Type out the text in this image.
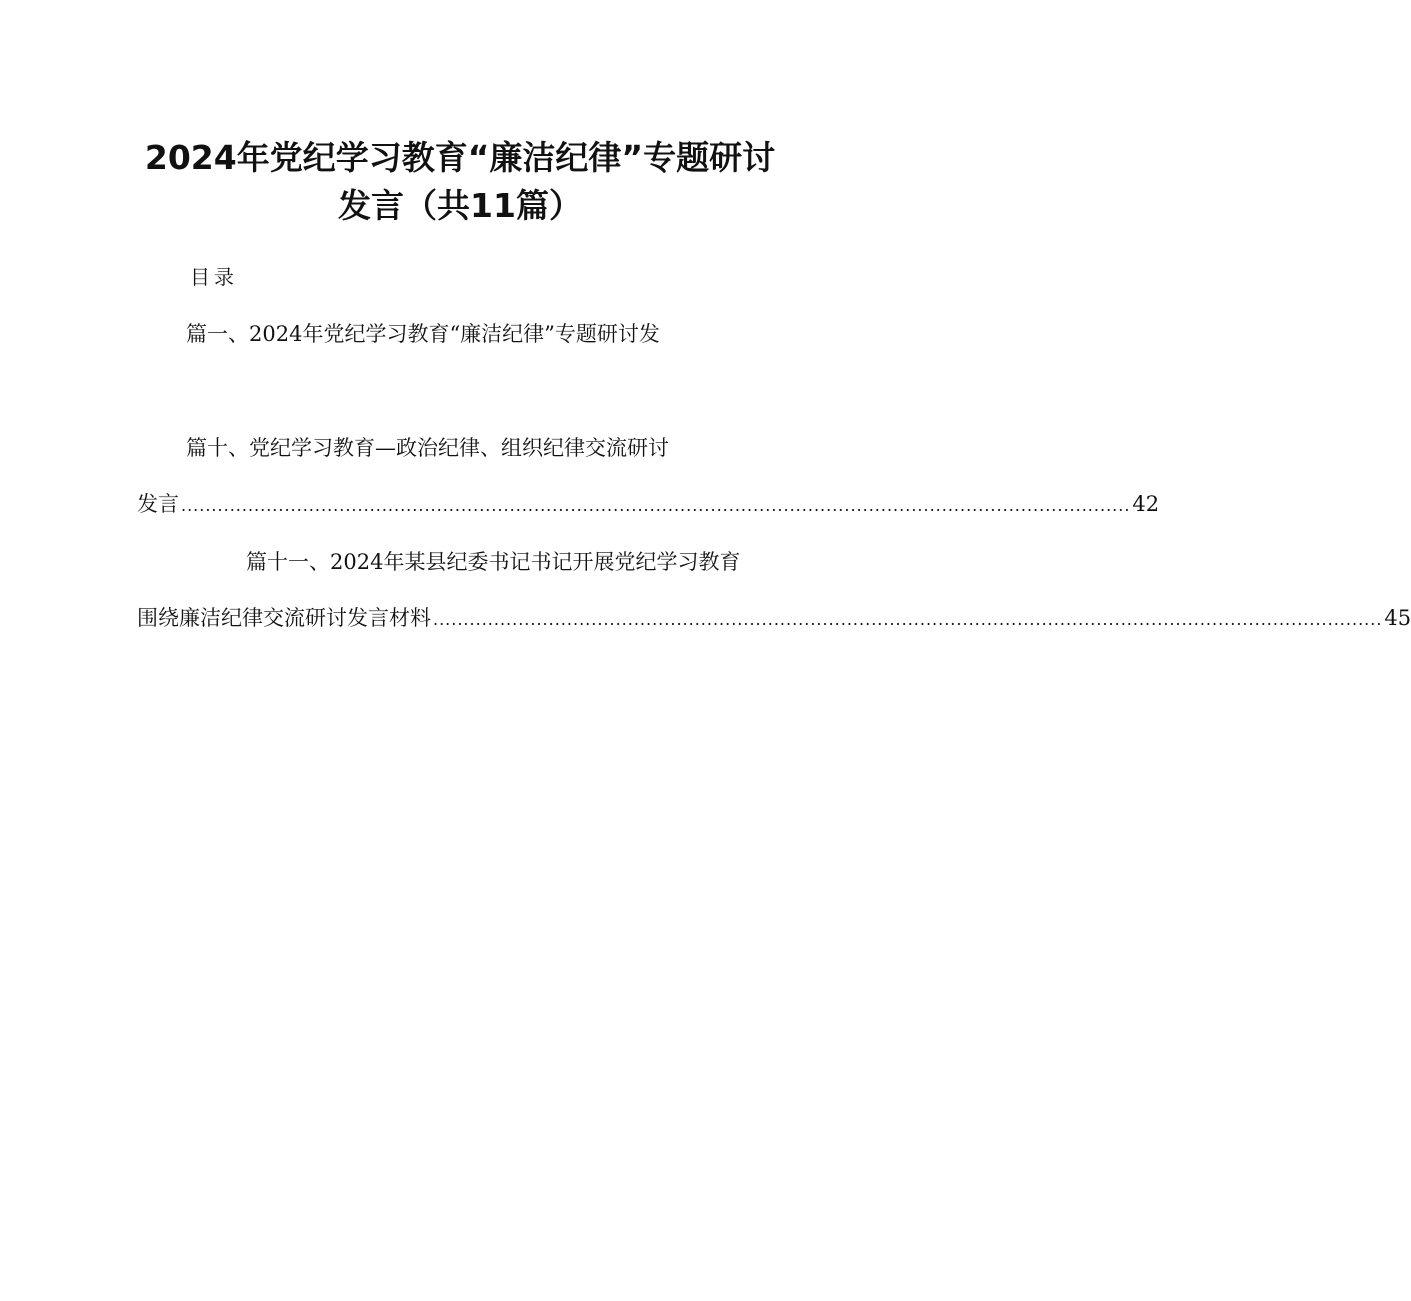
2024年党纪学习教育“廉洁纪律”专题研讨
发言（共11篇）
目录
篇一、2024年党纪学习教育“廉洁纪律”专题研讨发
篇十、党纪学习教育—政治纪律、组织纪律交流研讨
发言 ............................................................................................................................................................ 42
篇十一、2024年某县纪委书记书记开展党纪学习教育
围绕廉洁纪律交流研讨发言材料 ............................................................................................................................................................ 45
